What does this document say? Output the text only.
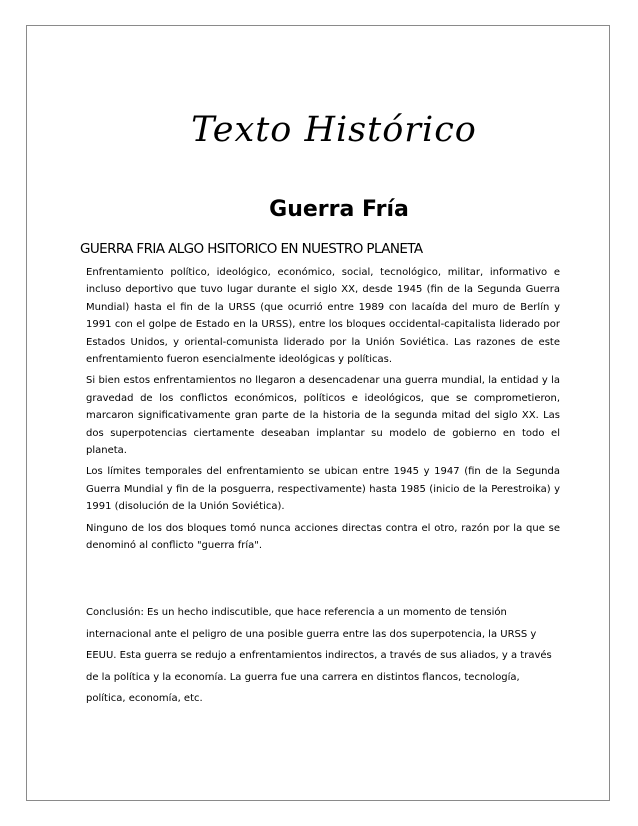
Texto Histórico
Guerra Fría

GUERRA FRIA ALGO HSITORICO EN NUESTRO PLANETA

Enfrentamiento político, ideológico, económico, social, tecnológico, militar, informativo e incluso deportivo que tuvo lugar durante el siglo XX, desde 1945 (fin de la Segunda Guerra Mundial) hasta el fin de la URSS (que ocurrió entre 1989 con lacaída del muro de Berlín y 1991 con el golpe de Estado en la URSS), entre los bloques occidental-capitalista liderado por Estados Unidos, y oriental-comunista liderado por la Unión Soviética. Las razones de este enfrentamiento fueron esencialmente ideológicas y políticas.

Si bien estos enfrentamientos no llegaron a desencadenar una guerra mundial, la entidad y la gravedad de los conflictos económicos, políticos e ideológicos, que se comprometieron, marcaron significativamente gran parte de la historia de la segunda mitad del siglo XX. Las dos superpotencias ciertamente deseaban implantar su modelo de gobierno en todo el planeta.

Los límites temporales del enfrentamiento se ubican entre 1945 y 1947 (fin de la Segunda Guerra Mundial y fin de la posguerra, respectivamente) hasta 1985 (inicio de la Perestroika) y 1991 (disolución de la Unión Soviética).

Ninguno de los dos bloques tomó nunca acciones directas contra el otro, razón por la que se denominó al conflicto "guerra fría".

Conclusión: Es un hecho indiscutible, que hace referencia a un momento de tensión internacional ante el peligro de una posible guerra entre las dos superpotencia, la URSS y EEUU. Esta guerra se redujo a enfrentamientos indirectos, a través de sus aliados, y a través de la política y la economía. La guerra fue una carrera en distintos flancos, tecnología, política, economía, etc.
